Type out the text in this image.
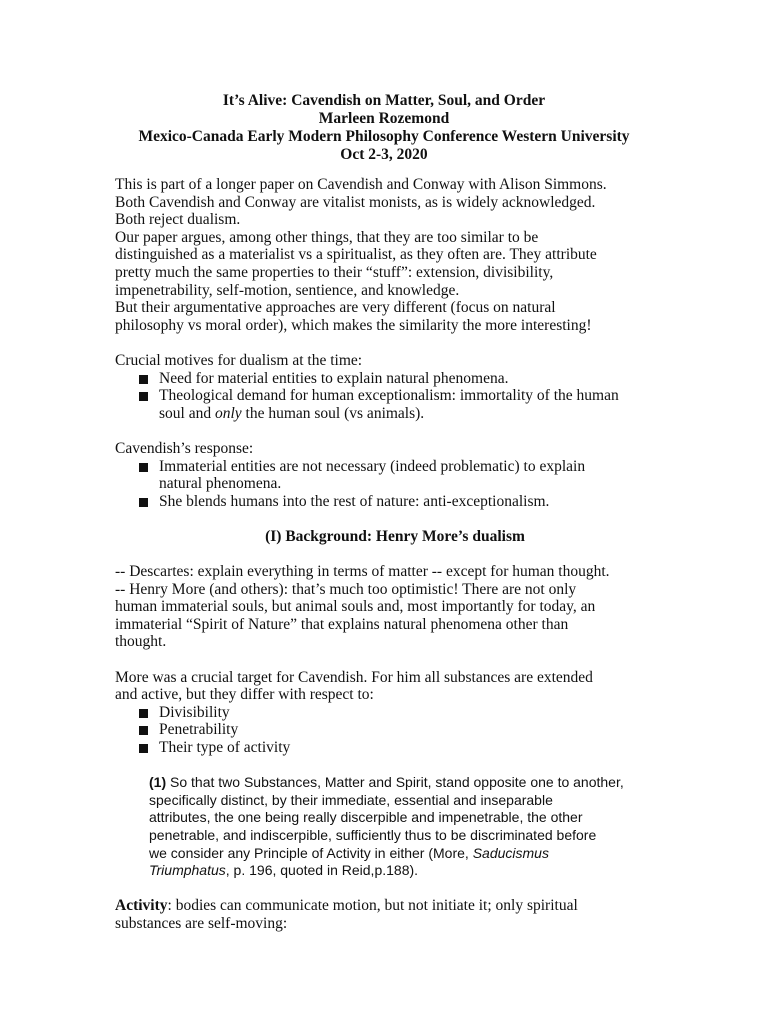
It’s Alive: Cavendish on Matter, Soul, and Order
Marleen Rozemond
Mexico-Canada Early Modern Philosophy Conference Western University
Oct 2-3, 2020
This is part of a longer paper on Cavendish and Conway with Alison Simmons.
Both Cavendish and Conway are vitalist monists, as is widely acknowledged.
Both reject dualism.
Our paper argues, among other things, that they are too similar to be
distinguished as a materialist vs a spiritualist, as they often are. They attribute
pretty much the same properties to their “stuff”: extension, divisibility,
impenetrability, self-motion, sentience, and knowledge.
But their argumentative approaches are very different (focus on natural
philosophy vs moral order), which makes the similarity the more interesting!
Crucial motives for dualism at the time:
Need for material entities to explain natural phenomena.
Theological demand for human exceptionalism: immortality of the human
soul and only the human soul (vs animals).
Cavendish’s response:
Immaterial entities are not necessary (indeed problematic) to explain
natural phenomena.
She blends humans into the rest of nature: anti-exceptionalism.
(I) Background: Henry More’s dualism
-- Descartes: explain everything in terms of matter -- except for human thought.
-- Henry More (and others): that’s much too optimistic! There are not only
human immaterial souls, but animal souls and, most importantly for today, an
immaterial “Spirit of Nature” that explains natural phenomena other than
thought.
More was a crucial target for Cavendish. For him all substances are extended
and active, but they differ with respect to:
Divisibility
Penetrability
Their type of activity
(1) So that two Substances, Matter and Spirit, stand opposite one to another,
specifically distinct, by their immediate, essential and inseparable
attributes, the one being really discerpible and impenetrable, the other
penetrable, and indiscerpible, sufficiently thus to be discriminated before
we consider any Principle of Activity in either (More, Saducismus
Triumphatus, p. 196, quoted in Reid,p.188).
Activity: bodies can communicate motion, but not initiate it; only spiritual
substances are self-moving:
